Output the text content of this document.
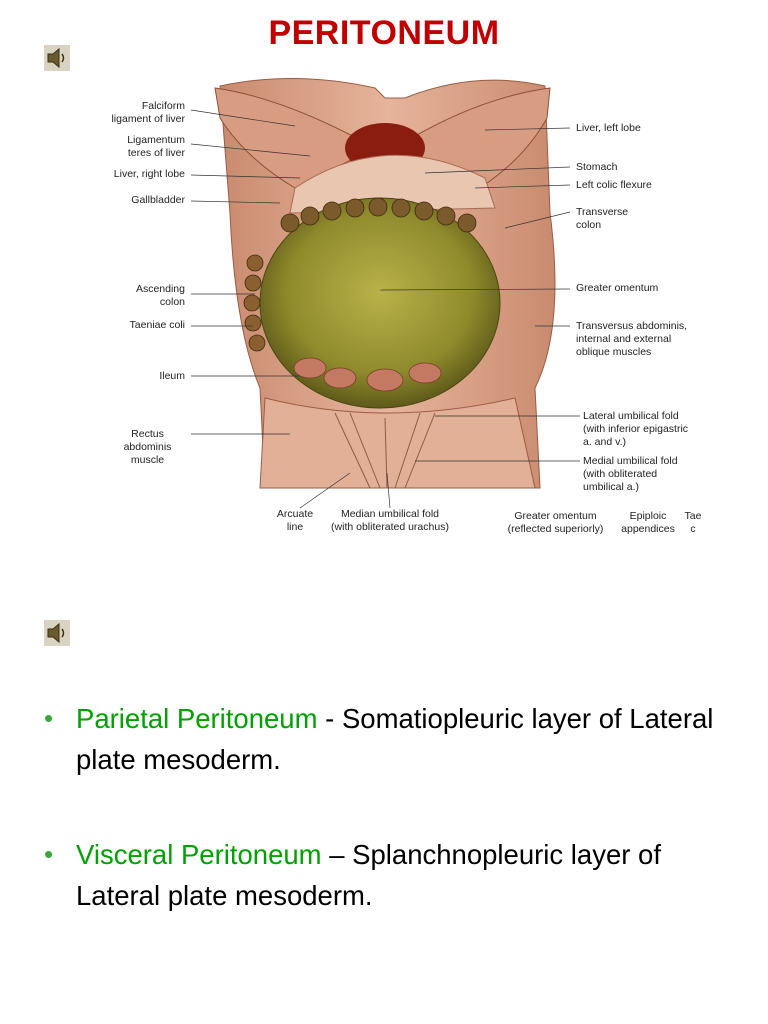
PERITONEUM
Falciform
ligament of liver
Ligamentum
teres of liver
Liver, right lobe
Gallbladder
Ascending
colon
Taeniae coli
Ileum
Rectus
abdominis
muscle
Liver, left lobe
Stomach
Left colic flexure
Transverse
colon
Greater omentum
Transversus abdominis,
internal and external
oblique muscles
Lateral umbilical fold
(with inferior epigastric
a. and v.)
Medial umbilical fold
(with obliterated
umbilical a.)
Arcuate
line
Median umbilical fold
(with obliterated urachus)
Greater omentum
(reflected superiorly)
Epiploic
appendices
Tae
c
• Parietal Peritoneum - Somatiopleuric layer of Lateral plate mesoderm.
• Visceral Peritoneum – Splanchnopleuric layer of Lateral plate mesoderm.
